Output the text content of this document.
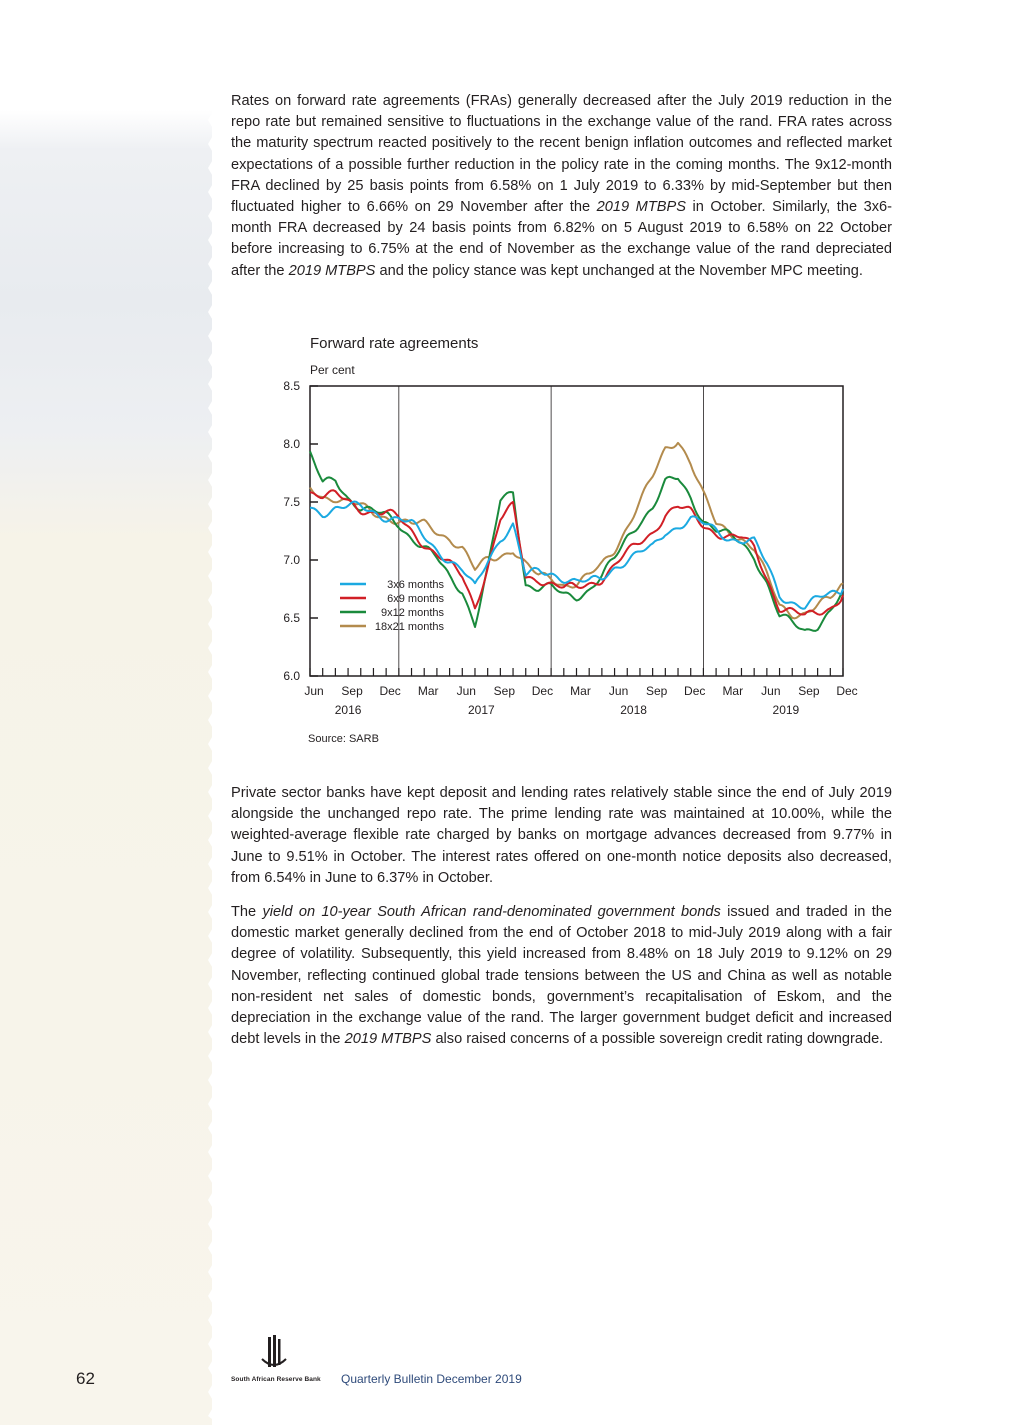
Rates on forward rate agreements (FRAs) generally decreased after the July 2019 reduction in the repo rate but remained sensitive to fluctuations in the exchange value of the rand. FRA rates across the maturity spectrum reacted positively to the recent benign inflation outcomes and reflected market expectations of a possible further reduction in the policy rate in the coming months. The 9x12-month FRA declined by 25 basis points from 6.58% on 1 July 2019 to 6.33% by mid-September but then fluctuated higher to 6.66% on 29 November after the 2019 MTBPS in October. Similarly, the 3x6-month FRA decreased by 24 basis points from 6.82% on 5 August 2019 to 6.58% on 22 October before increasing to 6.75% at the end of November as the exchange value of the rand depreciated after the 2019 MTBPS and the policy stance was kept unchanged at the November MPC meeting.

Forward rate agreements
Per cent
6.0
6.5
7.0
7.5
8.0
8.5
Jun Sep Dec Mar Jun Sep Dec Mar Jun Sep Dec Mar Jun Sep Dec
2016	2017	2018	2019
3x6 months
6x9 months
9x12 months
18x21 months
Source: SARB

Private sector banks have kept deposit and lending rates relatively stable since the end of July 2019 alongside the unchanged repo rate. The prime lending rate was maintained at 10.00%, while the weighted-average flexible rate charged by banks on mortgage advances decreased from 9.77% in June to 9.51% in October. The interest rates offered on one-month notice deposits also decreased, from 6.54% in June to 6.37% in October.

The yield on 10-year South African rand-denominated government bonds issued and traded in the domestic market generally declined from the end of October 2018 to mid-July 2019 along with a fair degree of volatility. Subsequently, this yield increased from 8.48% on 18 July 2019 to 9.12% on 29 November, reflecting continued global trade tensions between the US and China as well as notable non-resident net sales of domestic bonds, government’s recapitalisation of Eskom, and the depreciation in the exchange value of the rand. The larger government budget deficit and increased debt levels in the 2019 MTBPS also raised concerns of a possible sovereign credit rating downgrade.

62	South African Reserve Bank Quarterly Bulletin December 2019
